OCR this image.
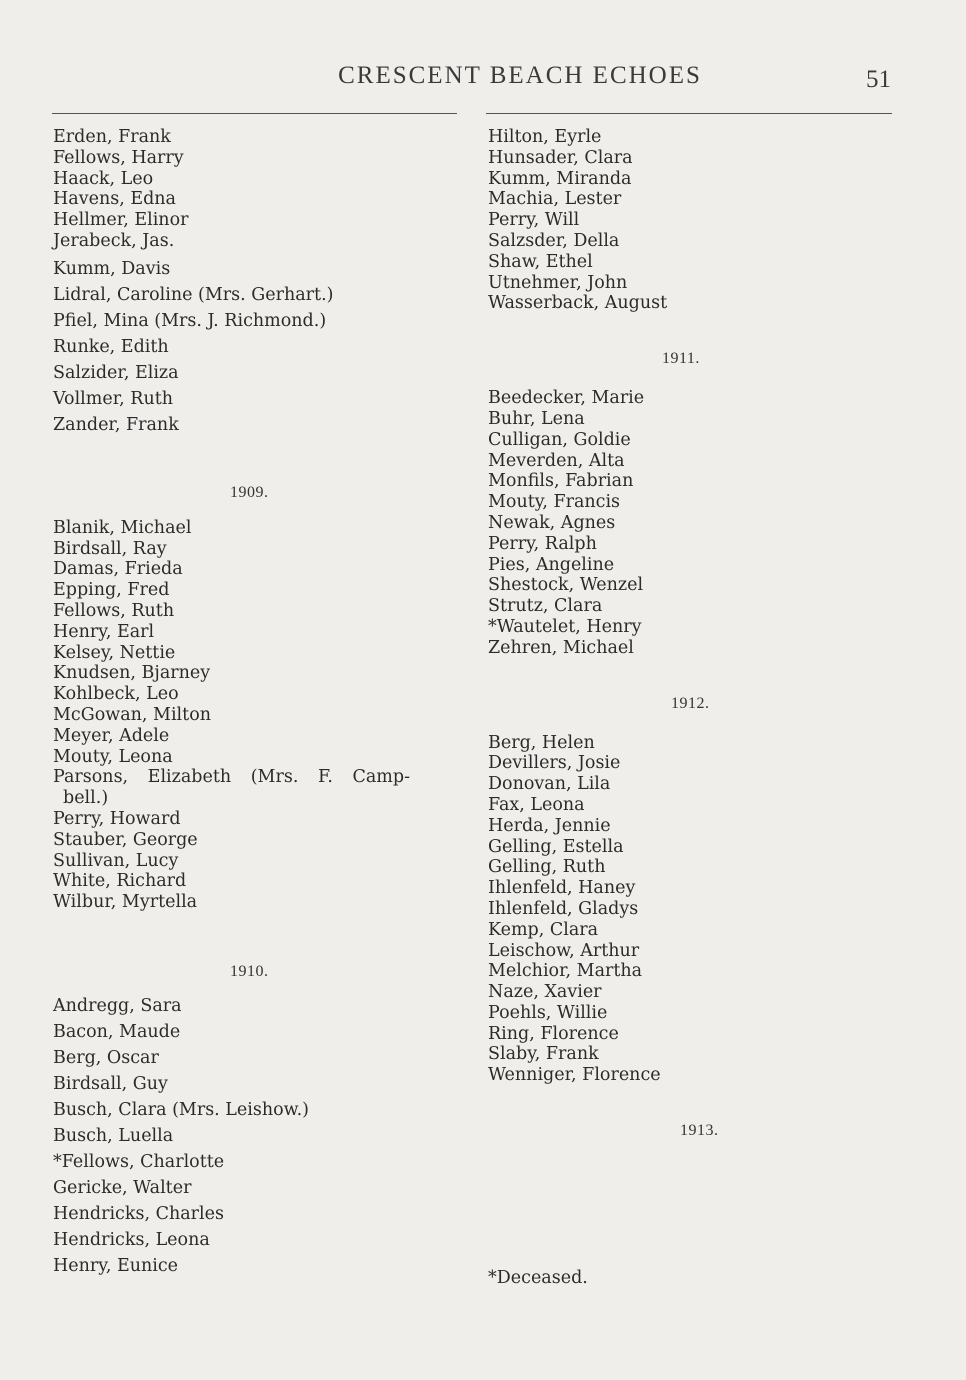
CRESCENT BEACH ECHOES	51
Erden, Frank
Fellows, Harry
Haack, Leo
Havens, Edna
Hellmer, Elinor
Jerabeck, Jas.
Kumm, Davis
Lidral, Caroline (Mrs. Gerhart.)
Pfiel, Mina (Mrs. J. Richmond.)
Runke, Edith
Salzider, Eliza
Vollmer, Ruth
Zander, Frank
1909.
Blanik, Michael
Birdsall, Ray
Damas, Frieda
Epping, Fred
Fellows, Ruth
Henry, Earl
Kelsey, Nettie
Knudsen, Bjarney
Kohlbeck, Leo
McGowan, Milton
Meyer, Adele
Mouty, Leona
Parsons, Elizabeth (Mrs. F. Camp-
bell.)
Perry, Howard
Stauber, George
Sullivan, Lucy
White, Richard
Wilbur, Myrtella
1910.
Andregg, Sara
Bacon, Maude
Berg, Oscar
Birdsall, Guy
Busch, Clara (Mrs. Leishow.)
Busch, Luella
*Fellows, Charlotte
Gericke, Walter
Hendricks, Charles
Hendricks, Leona
Henry, Eunice
Hilton, Eyrle
Hunsader, Clara
Kumm, Miranda
Machia, Lester
Perry, Will
Salzsder, Della
Shaw, Ethel
Utnehmer, John
Wasserback, August
1911.
Beedecker, Marie
Buhr, Lena
Culligan, Goldie
Meverden, Alta
Monfils, Fabrian
Mouty, Francis
Newak, Agnes
Perry, Ralph
Pies, Angeline
Shestock, Wenzel
Strutz, Clara
*Wautelet, Henry
Zehren, Michael
1912.
Berg, Helen
Devillers, Josie
Donovan, Lila
Fax, Leona
Herda, Jennie
Gelling, Estella
Gelling, Ruth
Ihlenfeld, Haney
Ihlenfeld, Gladys
Kemp, Clara
Leischow, Arthur
Melchior, Martha
Naze, Xavier
Poehls, Willie
Ring, Florence
Slaby, Frank
Wenniger, Florence
1913.
*Deceased.
